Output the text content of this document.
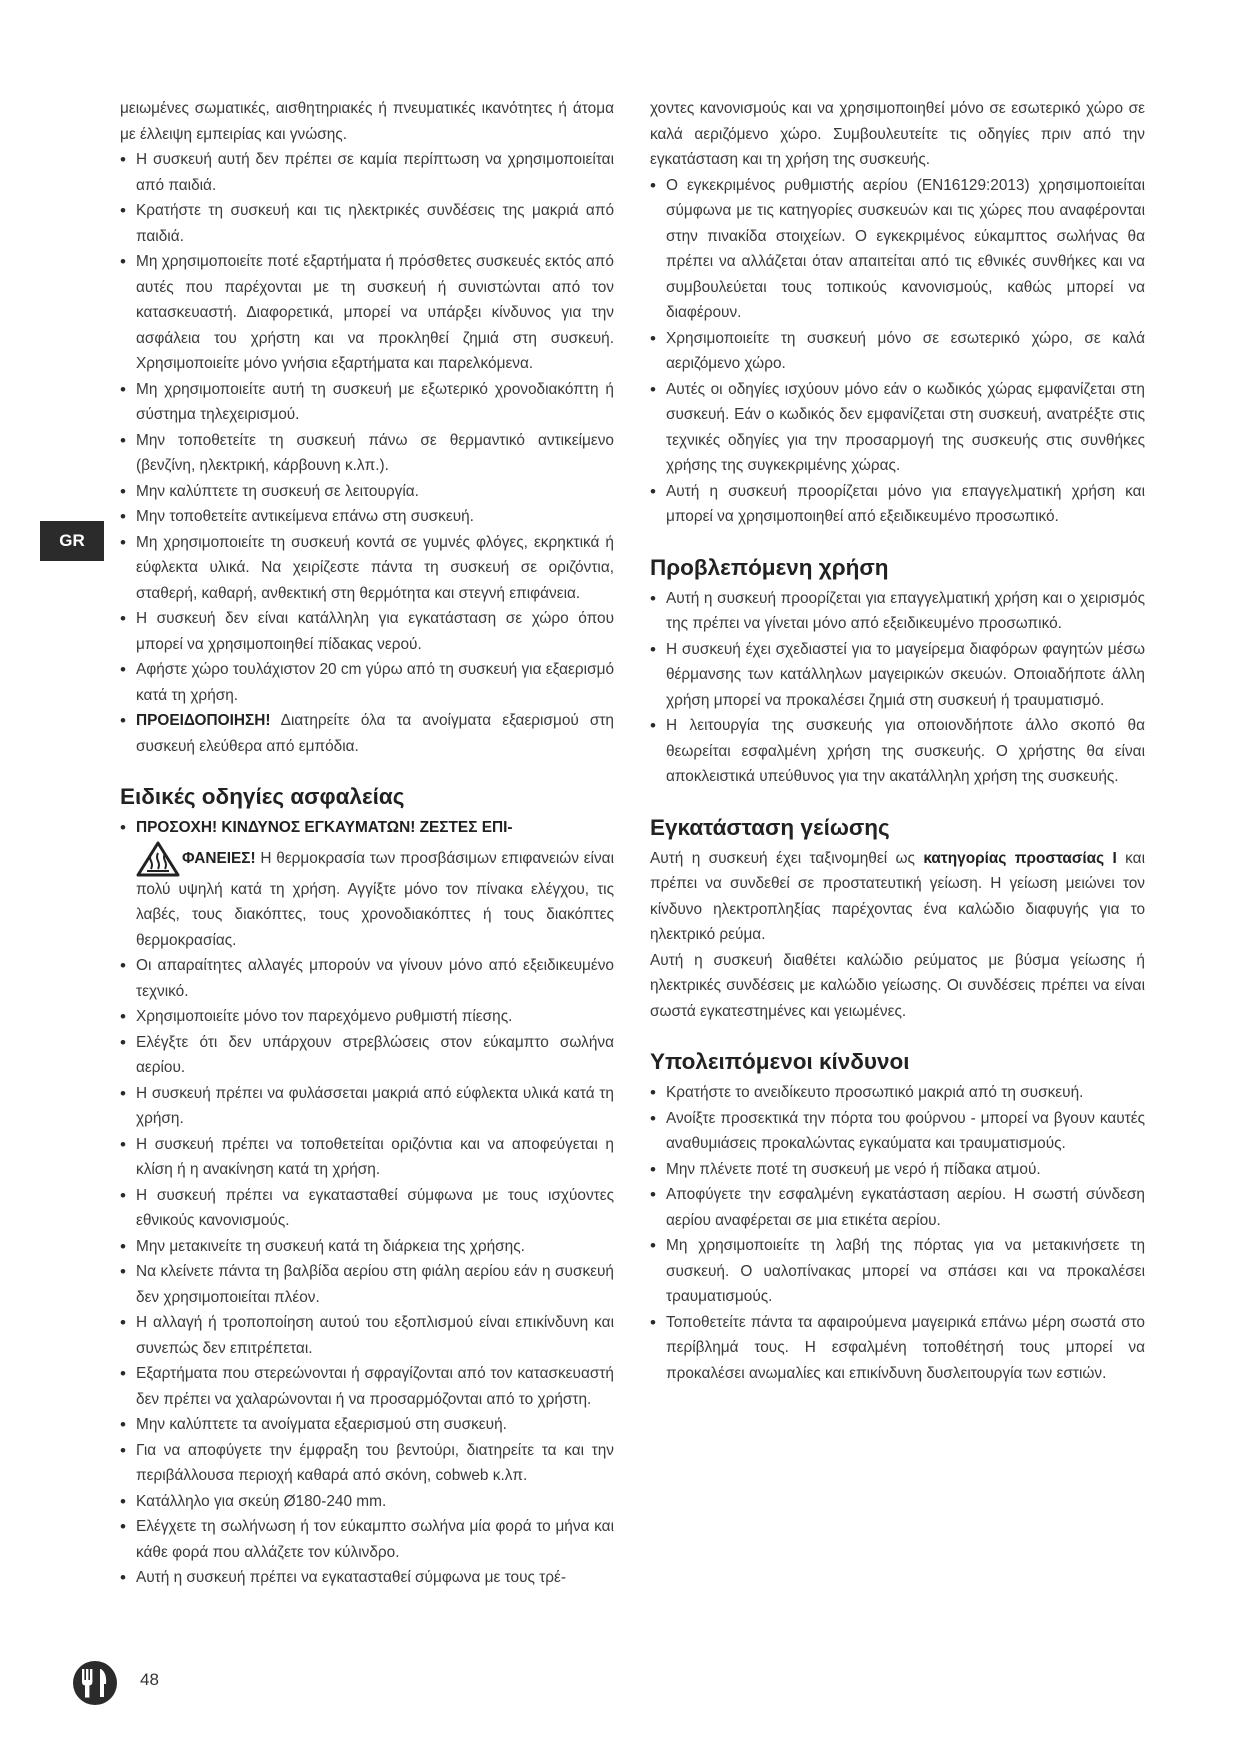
GR
μειωμένες σωματικές, αισθητηριακές ή πνευματικές ικανότητες ή άτομα με έλλειψη εμπειρίας και γνώσης.
• Η συσκευή αυτή δεν πρέπει σε καμία περίπτωση να χρησιμοποιείται από παιδιά.
• Κρατήστε τη συσκευή και τις ηλεκτρικές συνδέσεις της μακριά από παιδιά.
• Μη χρησιμοποιείτε ποτέ εξαρτήματα ή πρόσθετες συσκευές εκτός από αυτές που παρέχονται με τη συσκευή ή συνιστώνται από τον κατασκευαστή. Διαφορετικά, μπορεί να υπάρξει κίνδυνος για την ασφάλεια του χρήστη και να προκληθεί ζημιά στη συσκευή. Χρησιμοποιείτε μόνο γνήσια εξαρτήματα και παρελκόμενα.
• Μη χρησιμοποιείτε αυτή τη συσκευή με εξωτερικό χρονοδιακόπτη ή σύστημα τηλεχειρισμού.
• Μην τοποθετείτε τη συσκευή πάνω σε θερμαντικό αντικείμενο (βενζίνη, ηλεκτρική, κάρβουνη κ.λπ.).
• Μην καλύπτετε τη συσκευή σε λειτουργία.
• Μην τοποθετείτε αντικείμενα επάνω στη συσκευή.
• Μη χρησιμοποιείτε τη συσκευή κοντά σε γυμνές φλόγες, εκρηκτικά ή εύφλεκτα υλικά. Να χειρίζεστε πάντα τη συσκευή σε οριζόντια, σταθερή, καθαρή, ανθεκτική στη θερμότητα και στεγνή επιφάνεια.
• Η συσκευή δεν είναι κατάλληλη για εγκατάσταση σε χώρο όπου μπορεί να χρησιμοποιηθεί πίδακας νερού.
• Αφήστε χώρο τουλάχιστον 20 cm γύρω από τη συσκευή για εξαερισμό κατά τη χρήση.
• ΠΡΟΕΙΔΟΠΟΙΗΣΗ! Διατηρείτε όλα τα ανοίγματα εξαερισμού στη συσκευή ελεύθερα από εμπόδια.
Ειδικές οδηγίες ασφαλείας
• ΠΡΟΣΟΧΗ! ΚΙΝΔΥΝΟΣ ΕΓΚΑΥΜΑΤΩΝ! ΖΕΣΤΕΣ ΕΠΙ-
ΦΑΝΕΙΕΣ! Η θερμοκρασία των προσβάσιμων επιφανειών είναι πολύ υψηλή κατά τη χρήση. Αγγίξτε μόνο τον πίνακα ελέγχου, τις λαβές, τους διακόπτες, τους χρονοδιακόπτες ή τους διακόπτες θερμοκρασίας.
• Οι απαραίτητες αλλαγές μπορούν να γίνουν μόνο από εξειδικευμένο τεχνικό.
• Χρησιμοποιείτε μόνο τον παρεχόμενο ρυθμιστή πίεσης.
• Ελέγξτε ότι δεν υπάρχουν στρεβλώσεις στον εύκαμπτο σωλήνα αερίου.
• Η συσκευή πρέπει να φυλάσσεται μακριά από εύφλεκτα υλικά κατά τη χρήση.
• Η συσκευή πρέπει να τοποθετείται οριζόντια και να αποφεύγεται η κλίση ή η ανακίνηση κατά τη χρήση.
• Η συσκευή πρέπει να εγκατασταθεί σύμφωνα με τους ισχύοντες εθνικούς κανονισμούς.
• Μην μετακινείτε τη συσκευή κατά τη διάρκεια της χρήσης.
• Να κλείνετε πάντα τη βαλβίδα αερίου στη φιάλη αερίου εάν η συσκευή δεν χρησιμοποιείται πλέον.
• Η αλλαγή ή τροποποίηση αυτού του εξοπλισμού είναι επικίνδυνη και συνεπώς δεν επιτρέπεται.
• Εξαρτήματα που στερεώνονται ή σφραγίζονται από τον κατασκευαστή δεν πρέπει να χαλαρώνονται ή να προσαρμόζονται από το χρήστη.
• Μην καλύπτετε τα ανοίγματα εξαερισμού στη συσκευή.
• Για να αποφύγετε την έμφραξη του βεντούρι, διατηρείτε τα και την περιβάλλουσα περιοχή καθαρά από σκόνη, cobweb κ.λπ.
• Κατάλληλο για σκεύη Ø180-240 mm.
• Ελέγχετε τη σωλήνωση ή τον εύκαμπτο σωλήνα μία φορά το μήνα και κάθε φορά που αλλάζετε τον κύλινδρο.
• Αυτή η συσκευή πρέπει να εγκατασταθεί σύμφωνα με τους τρέ-
χοντες κανονισμούς και να χρησιμοποιηθεί μόνο σε εσωτερικό χώρο σε καλά αεριζόμενο χώρο. Συμβουλευτείτε τις οδηγίες πριν από την εγκατάσταση και τη χρήση της συσκευής.
• Ο εγκεκριμένος ρυθμιστής αερίου (EN16129:2013) χρησιμοποιείται σύμφωνα με τις κατηγορίες συσκευών και τις χώρες που αναφέρονται στην πινακίδα στοιχείων. Ο εγκεκριμένος εύκαμπτος σωλήνας θα πρέπει να αλλάζεται όταν απαιτείται από τις εθνικές συνθήκες και να συμβουλεύεται τους τοπικούς κανονισμούς, καθώς μπορεί να διαφέρουν.
• Χρησιμοποιείτε τη συσκευή μόνο σε εσωτερικό χώρο, σε καλά αεριζόμενο χώρο.
• Αυτές οι οδηγίες ισχύουν μόνο εάν ο κωδικός χώρας εμφανίζεται στη συσκευή. Εάν ο κωδικός δεν εμφανίζεται στη συσκευή, ανατρέξτε στις τεχνικές οδηγίες για την προσαρμογή της συσκευής στις συνθήκες χρήσης της συγκεκριμένης χώρας.
• Αυτή η συσκευή προορίζεται μόνο για επαγγελματική χρήση και μπορεί να χρησιμοποιηθεί από εξειδικευμένο προσωπικό.
Προβλεπόμενη χρήση
• Αυτή η συσκευή προορίζεται για επαγγελματική χρήση και ο χειρισμός της πρέπει να γίνεται μόνο από εξειδικευμένο προσωπικό.
• Η συσκευή έχει σχεδιαστεί για το μαγείρεμα διαφόρων φαγητών μέσω θέρμανσης των κατάλληλων μαγειρικών σκευών. Οποιαδήποτε άλλη χρήση μπορεί να προκαλέσει ζημιά στη συσκευή ή τραυματισμό.
• Η λειτουργία της συσκευής για οποιονδήποτε άλλο σκοπό θα θεωρείται εσφαλμένη χρήση της συσκευής. Ο χρήστης θα είναι αποκλειστικά υπεύθυνος για την ακατάλληλη χρήση της συσκευής.
Εγκατάσταση γείωσης

Αυτή η συσκευή έχει ταξινομηθεί ως κατηγορίας προστασίας I και πρέπει να συνδεθεί σε προστατευτική γείωση. Η γείωση μειώνει τον κίνδυνο ηλεκτροπληξίας παρέχοντας ένα καλώδιο διαφυγής για το ηλεκτρικό ρεύμα.

Αυτή η συσκευή διαθέτει καλώδιο ρεύματος με βύσμα γείωσης ή ηλεκτρικές συνδέσεις με καλώδιο γείωσης. Οι συνδέσεις πρέπει να είναι σωστά εγκατεστημένες και γειωμένες.

Υπολειπόμενοι κίνδυνοι
• Κρατήστε το ανειδίκευτο προσωπικό μακριά από τη συσκευή.
• Ανοίξτε προσεκτικά την πόρτα του φούρνου - μπορεί να βγουν καυτές αναθυμιάσεις προκαλώντας εγκαύματα και τραυματισμούς.
• Μην πλένετε ποτέ τη συσκευή με νερό ή πίδακα ατμού.
• Αποφύγετε την εσφαλμένη εγκατάσταση αερίου. Η σωστή σύνδεση αερίου αναφέρεται σε μια ετικέτα αερίου.
• Μη χρησιμοποιείτε τη λαβή της πόρτας για να μετακινήσετε τη συσκευή. Ο υαλοπίνακας μπορεί να σπάσει και να προκαλέσει τραυματισμούς.
• Τοποθετείτε πάντα τα αφαιρούμενα μαγειρικά επάνω μέρη σωστά στο περίβλημά τους. Η εσφαλμένη τοποθέτησή τους μπορεί να προκαλέσει ανωμαλίες και επικίνδυνη δυσλειτουργία των εστιών.
48
